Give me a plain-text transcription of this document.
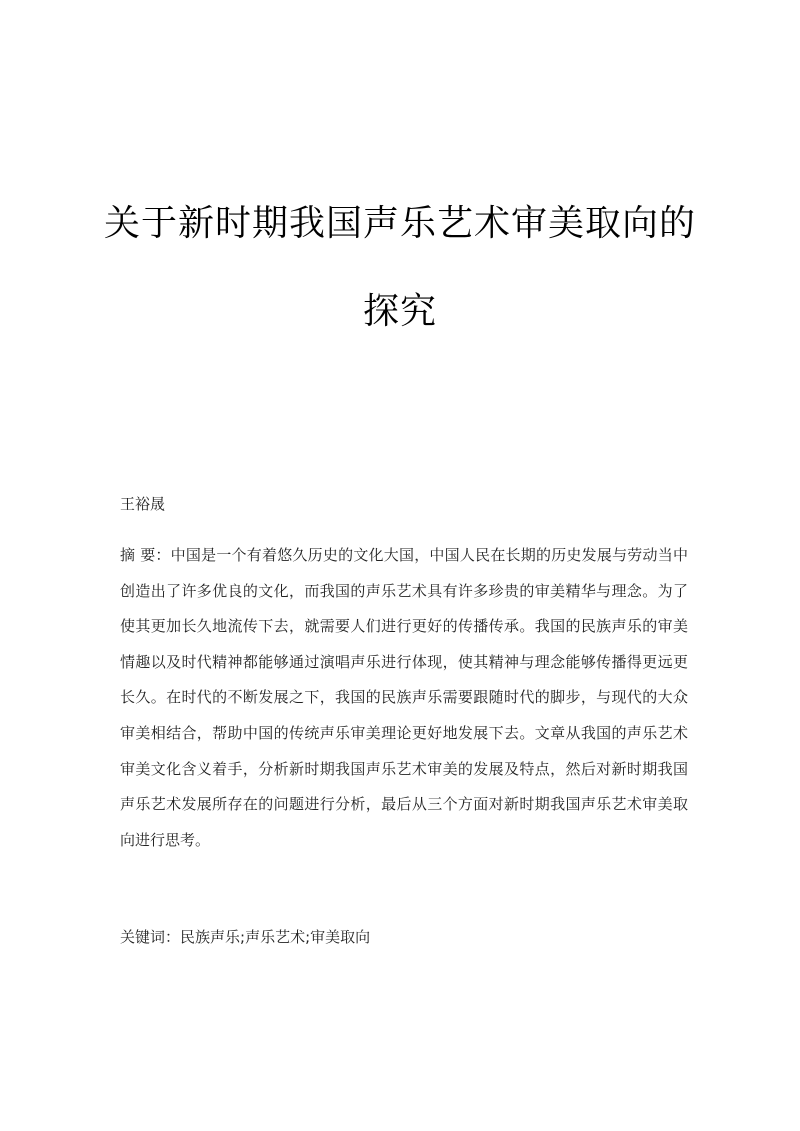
关于新时期我国声乐艺术审美取向的探究
王裕晟
摘 要：中国是一个有着悠久历史的文化大国，中国人民在长期的历史发展与劳动当中创造出了许多优良的文化，而我国的声乐艺术具有许多珍贵的审美精华与理念。为了使其更加长久地流传下去，就需要人们进行更好的传播传承。我国的民族声乐的审美情趣以及时代精神都能够通过演唱声乐进行体现，使其精神与理念能够传播得更远更长久。在时代的不断发展之下，我国的民族声乐需要跟随时代的脚步，与现代的大众审美相结合，帮助中国的传统声乐审美理论更好地发展下去。文章从我国的声乐艺术审美文化含义着手，分析新时期我国声乐艺术审美的发展及特点，然后对新时期我国声乐艺术发展所存在的问题进行分析，最后从三个方面对新时期我国声乐艺术审美取向进行思考。
关键词：民族声乐;声乐艺术;审美取向
